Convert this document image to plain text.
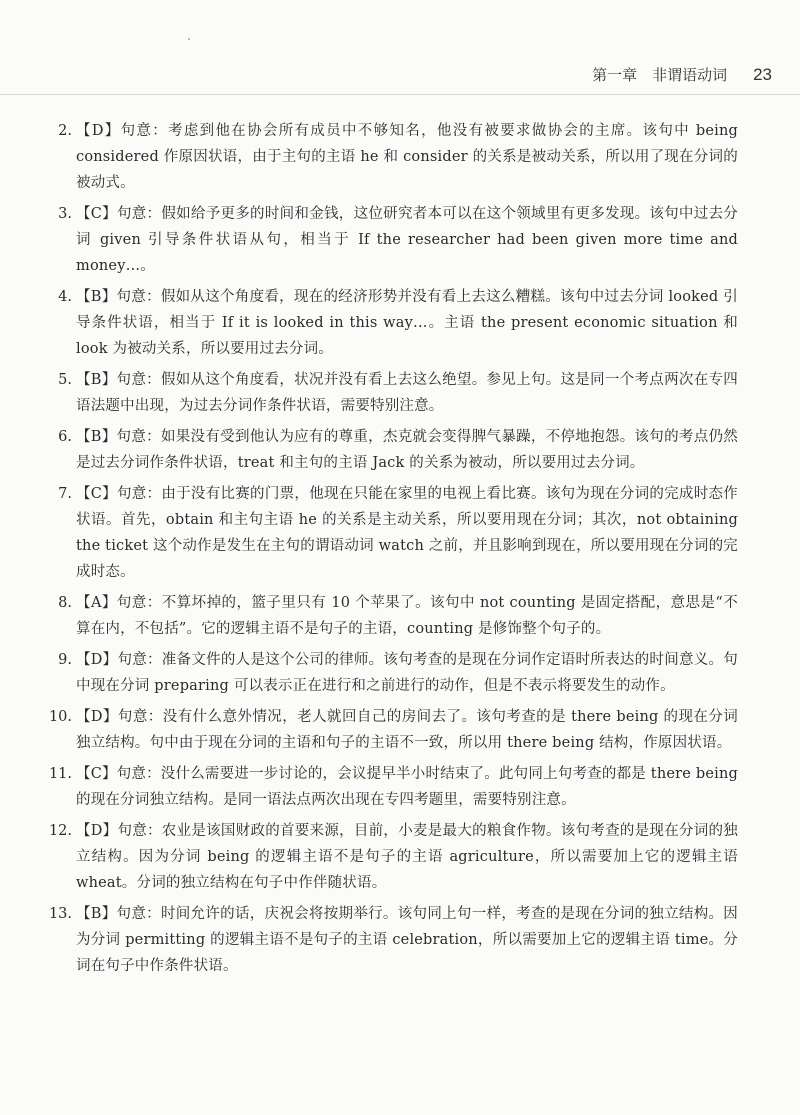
第一章　非谓语动词 23
2. 【D】句意：考虑到他在协会所有成员中不够知名，他没有被要求做协会的主席。该句中 being considered 作原因状语，由于主句的主语 he 和 consider 的关系是被动关系，所以用了现在分词的被动式。
3. 【C】句意：假如给予更多的时间和金钱，这位研究者本可以在这个领域里有更多发现。该句中过去分词 given 引导条件状语从句，相当于 If the researcher had been given more time and money…。
4. 【B】句意：假如从这个角度看，现在的经济形势并没有看上去这么糟糕。该句中过去分词 looked 引导条件状语，相当于 If it is looked in this way…。主语 the present economic situation 和 look 为被动关系，所以要用过去分词。
5. 【B】句意：假如从这个角度看，状况并没有看上去这么绝望。参见上句。这是同一个考点两次在专四语法题中出现，为过去分词作条件状语，需要特别注意。
6. 【B】句意：如果没有受到他认为应有的尊重，杰克就会变得脾气暴躁，不停地抱怨。该句的考点仍然是过去分词作条件状语，treat 和主句的主语 Jack 的关系为被动，所以要用过去分词。
7. 【C】句意：由于没有比赛的门票，他现在只能在家里的电视上看比赛。该句为现在分词的完成时态作状语。首先，obtain 和主句主语 he 的关系是主动关系，所以要用现在分词；其次，not obtaining the ticket 这个动作是发生在主句的谓语动词 watch 之前，并且影响到现在，所以要用现在分词的完成时态。
8. 【A】句意：不算坏掉的，篮子里只有 10 个苹果了。该句中 not counting 是固定搭配，意思是“不算在内，不包括”。它的逻辑主语不是句子的主语，counting 是修饰整个句子的。
9. 【D】句意：准备文件的人是这个公司的律师。该句考查的是现在分词作定语时所表达的时间意义。句中现在分词 preparing 可以表示正在进行和之前进行的动作，但是不表示将要发生的动作。
10. 【D】句意：没有什么意外情况，老人就回自己的房间去了。该句考查的是 there being 的现在分词独立结构。句中由于现在分词的主语和句子的主语不一致，所以用 there being 结构，作原因状语。
11. 【C】句意：没什么需要进一步讨论的，会议提早半小时结束了。此句同上句考查的都是 there being 的现在分词独立结构。是同一语法点两次出现在专四考题里，需要特别注意。
12. 【D】句意：农业是该国财政的首要来源，目前，小麦是最大的粮食作物。该句考查的是现在分词的独立结构。因为分词 being 的逻辑主语不是句子的主语 agriculture，所以需要加上它的逻辑主语 wheat。分词的独立结构在句子中作伴随状语。
13. 【B】句意：时间允许的话，庆祝会将按期举行。该句同上句一样，考查的是现在分词的独立结构。因为分词 permitting 的逻辑主语不是句子的主语 celebration，所以需要加上它的逻辑主语 time。分词在句子中作条件状语。
